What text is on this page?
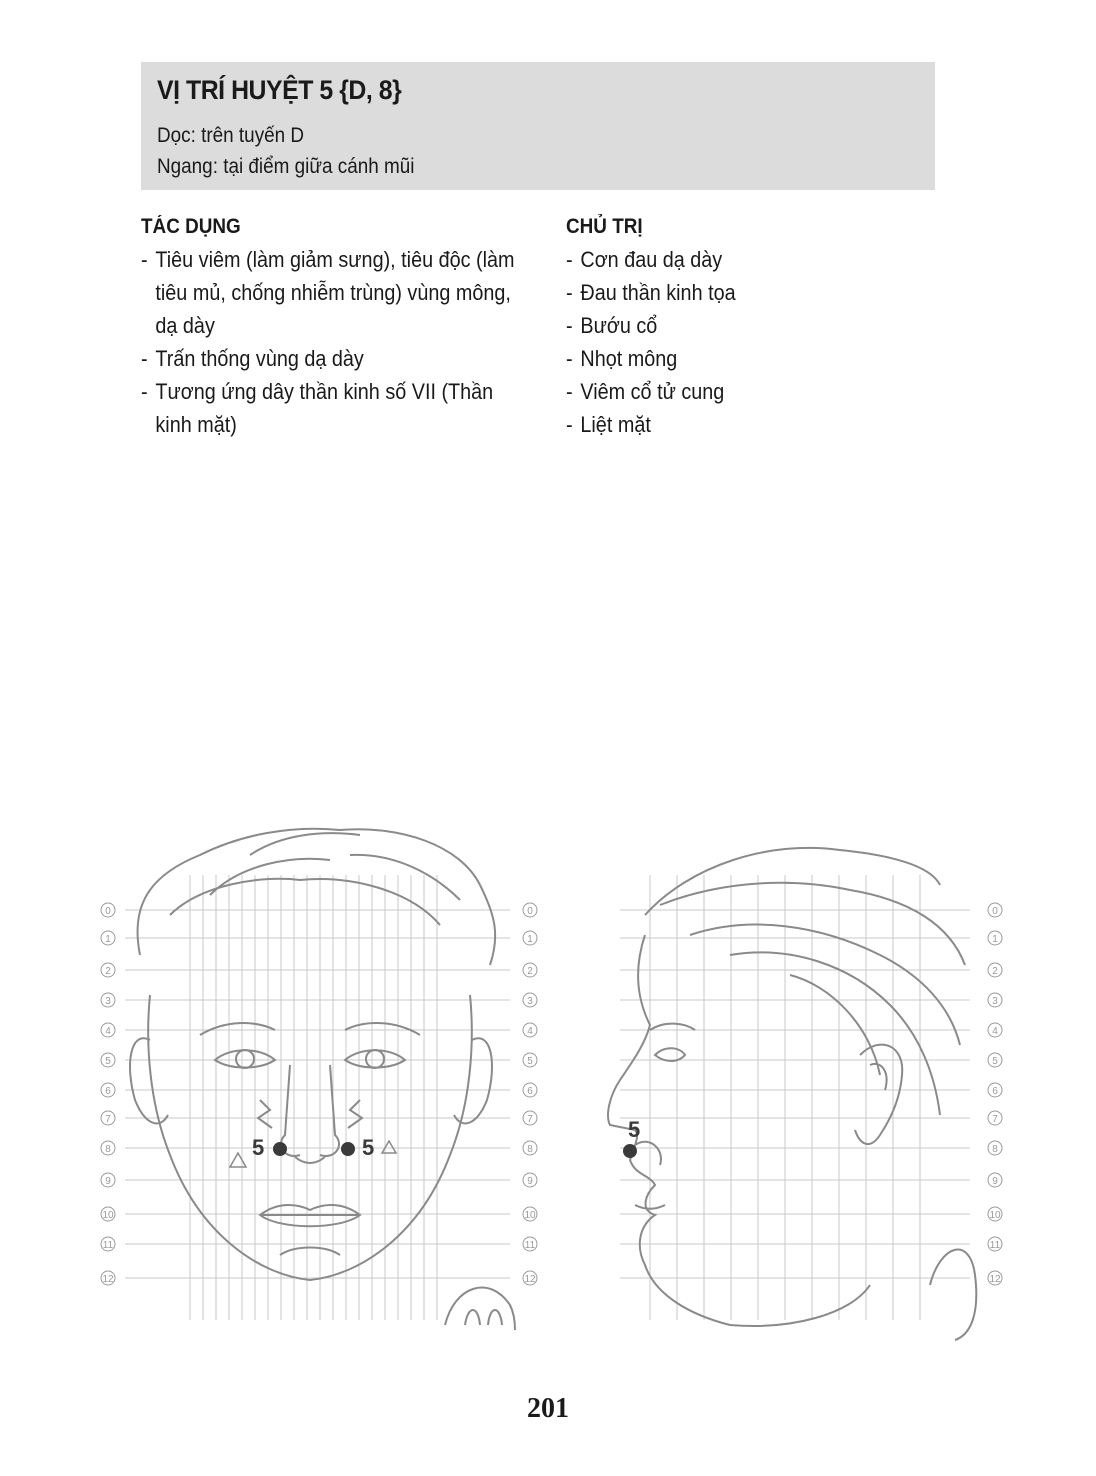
VỊ TRÍ HUYỆT 5 {D, 8}
Dọc: trên tuyến D
Ngang: tại điểm giữa cánh mũi
TÁC DỤNG
- Tiêu viêm (làm giảm sưng), tiêu độc (làm tiêu mủ, chống nhiễm trùng) vùng mông, dạ dày
- Trấn thống vùng dạ dày
- Tương ứng dây thần kinh số VII (Thần kinh mặt)
CHỦ TRỊ
- Cơn đau dạ dày
- Đau thần kinh tọa
- Bướu cổ
- Nhọt mông
- Viêm cổ tử cung
- Liệt mặt
0
1
2
3
4
5
6
7
8
9
10
11
12
0
1
2
3
4
5
6
7
8
9
10
11
12
5	5
0
1
2
3
4
5
6
7
8
9
10
11
12
5
201
